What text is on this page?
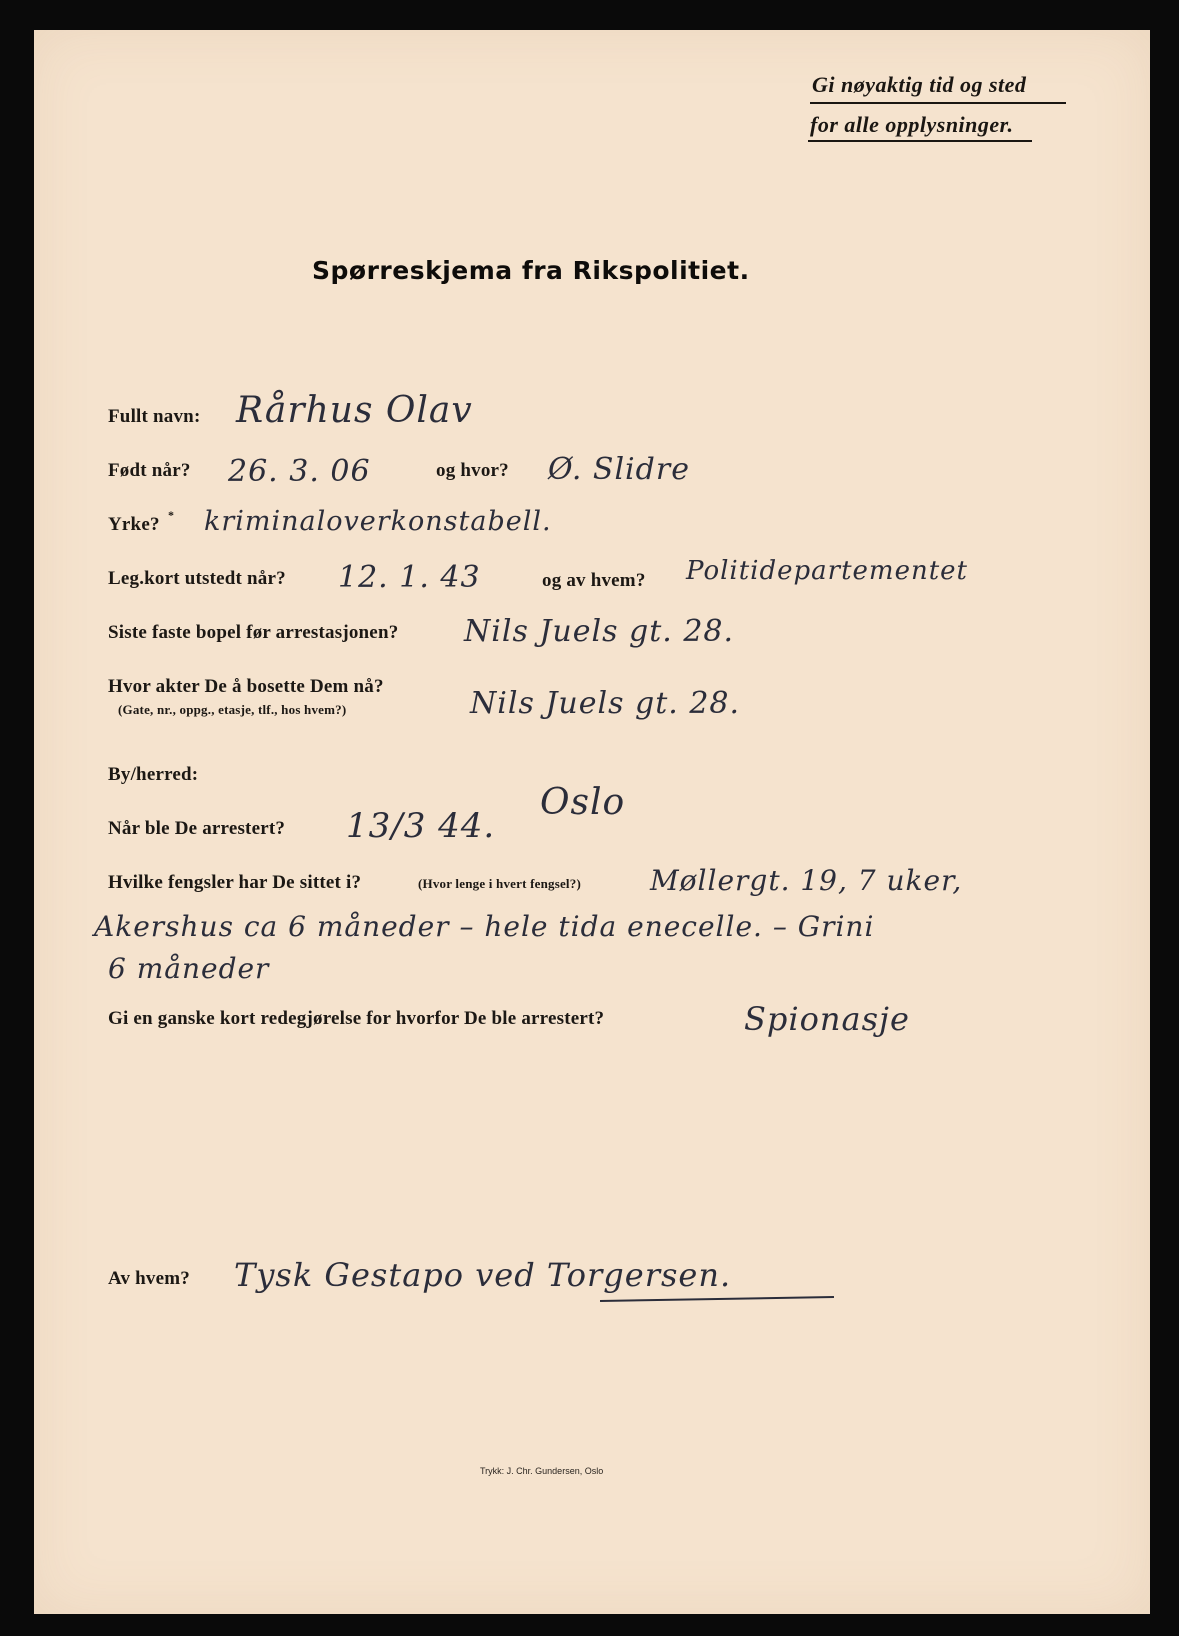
Gi nøyaktig tid og sted
for alle opplysninger.
Spørreskjema fra Rikspolitiet.
Fullt navn: Rårhus Olav
Født når? 26. 3. 06	og hvor? Ø. Slidre
Yrke? * kriminaloverkonstabell.
Leg.kort utstedt når? 12. 1. 43	og av hvem? Politidepartementet
Siste faste bopel før arrestasjonen? Nils Juels gt. 28.
Hvor akter De å bosette Dem nå?
(Gate, nr., oppg., etasje, tlf., hos hvem?)	Nils Juels gt. 28.
By/herred:
Oslo
Når ble De arrestert? 13/3 44.
Hvilke fengsler har De sittet i?	(Hvor lenge i hvert fengsel?) Møllergt. 19, 7 uker,
Akershus ca 6 måneder – hele tida enecelle. – Grini
6 måneder
Gi en ganske kort redegjørelse for hvorfor De ble arrestert?	Spionasje
Av hvem? Tysk Gestapo ved Torgersen.
Trykk: J. Chr. Gundersen, Oslo
